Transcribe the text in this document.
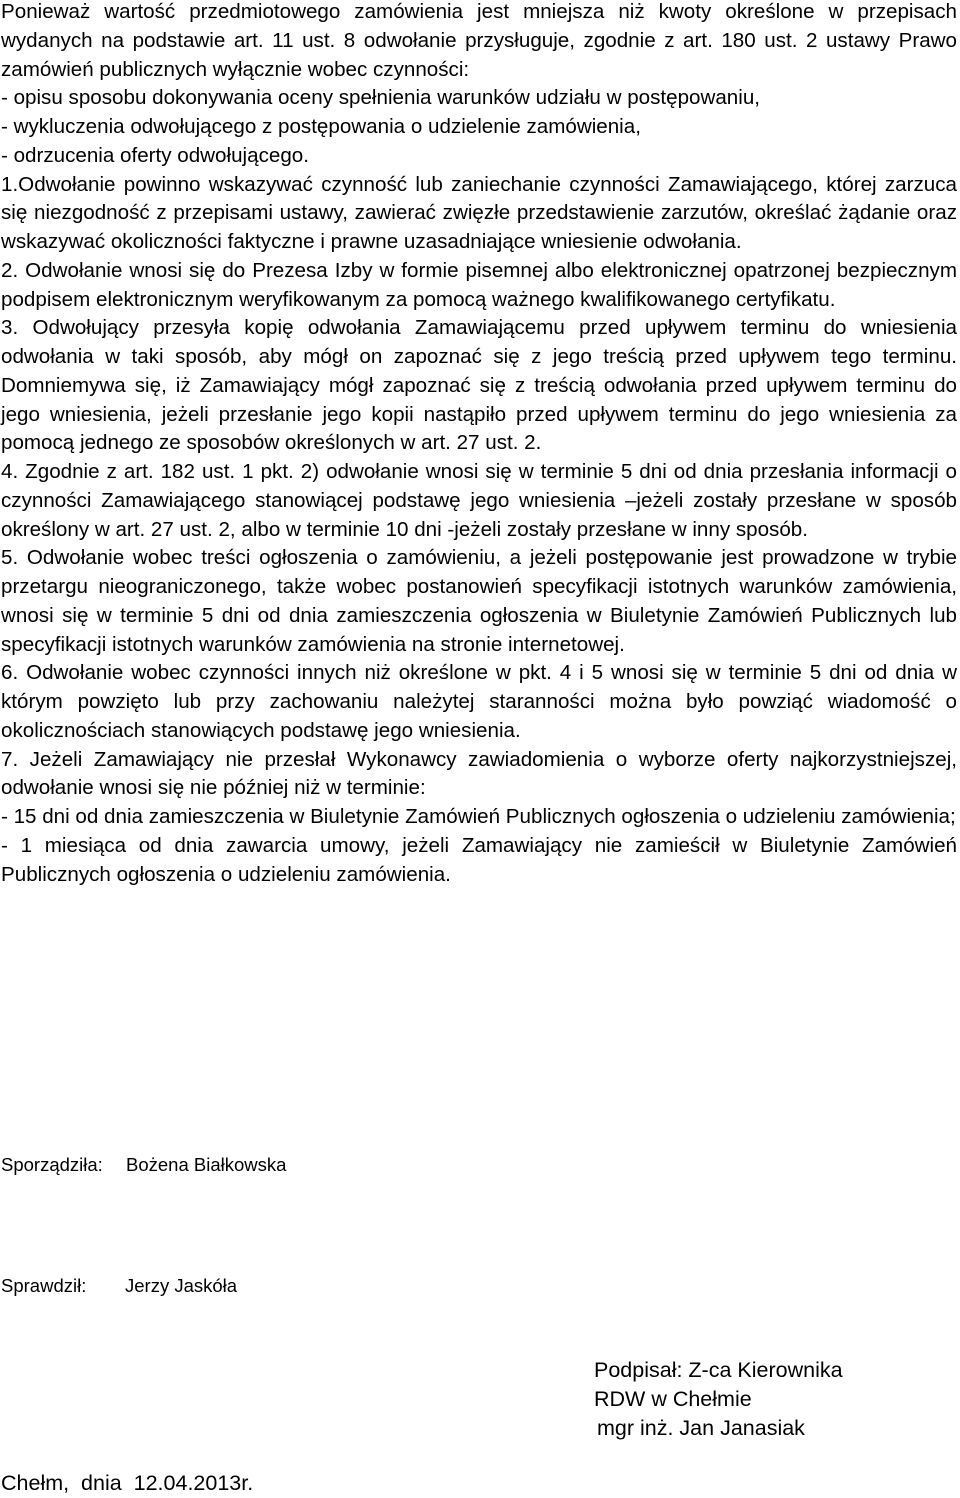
Ponieważ wartość przedmiotowego zamówienia jest mniejsza niż kwoty określone w przepisach wydanych na podstawie art. 11 ust. 8 odwołanie przysługuje, zgodnie z art. 180 ust. 2 ustawy Prawo zamówień publicznych wyłącznie wobec czynności:

- opisu sposobu dokonywania oceny spełnienia warunków udziału w postępowaniu,

- wykluczenia odwołującego z postępowania o udzielenie zamówienia,

- odrzucenia oferty odwołującego.

1.Odwołanie powinno wskazywać czynność lub zaniechanie czynności Zamawiającego, której zarzuca się niezgodność z przepisami ustawy, zawierać zwięzłe przedstawienie zarzutów, określać żądanie oraz wskazywać okoliczności faktyczne i prawne uzasadniające wniesienie odwołania.

2. Odwołanie wnosi się do Prezesa Izby w formie pisemnej albo elektronicznej opatrzonej bezpiecznym podpisem elektronicznym weryfikowanym za pomocą ważnego kwalifikowanego certyfikatu.

3. Odwołujący przesyła kopię odwołania Zamawiającemu przed upływem terminu do wniesienia odwołania w taki sposób, aby mógł on zapoznać się z jego treścią przed upływem tego terminu. Domniemywa się, iż Zamawiający mógł zapoznać się z treścią odwołania przed upływem terminu do jego wniesienia, jeżeli przesłanie jego kopii nastąpiło przed upływem terminu do jego wniesienia za pomocą jednego ze sposobów określonych w art. 27 ust. 2.

4. Zgodnie z art. 182 ust. 1 pkt. 2) odwołanie wnosi się w terminie 5 dni od dnia przesłania informacji o czynności Zamawiającego stanowiącej podstawę jego wniesienia –jeżeli zostały przesłane w sposób określony w art. 27 ust. 2, albo w terminie 10 dni -jeżeli zostały przesłane w inny sposób.

5. Odwołanie wobec treści ogłoszenia o zamówieniu, a jeżeli postępowanie jest prowadzone w trybie przetargu nieograniczonego, także wobec postanowień specyfikacji istotnych warunków zamówienia, wnosi się w terminie 5 dni od dnia zamieszczenia ogłoszenia w Biuletynie Zamówień Publicznych lub specyfikacji istotnych warunków zamówienia na stronie internetowej.

6. Odwołanie wobec czynności innych niż określone w pkt. 4 i 5 wnosi się w terminie 5 dni od dnia w którym powzięto lub przy zachowaniu należytej staranności można było powziąć wiadomość o okolicznościach stanowiących podstawę jego wniesienia.

7. Jeżeli Zamawiający nie przesłał Wykonawcy zawiadomienia o wyborze oferty najkorzystniejszej, odwołanie wnosi się nie później niż w terminie:

- 15 dni od dnia zamieszczenia w Biuletynie Zamówień Publicznych ogłoszenia o udzieleniu zamówienia;

- 1 miesiąca od dnia zawarcia umowy, jeżeli Zamawiający nie zamieścił w Biuletynie Zamówień Publicznych ogłoszenia o udzieleniu zamówienia.

Sporządziła: Bożena Białkowska
Sprawdził: Jerzy Jaskóła
Podpisał: Z-ca Kierownika
RDW w Chełmie
mgr inż. Jan Janasiak
Chełm,  dnia  12.04.2013r.
